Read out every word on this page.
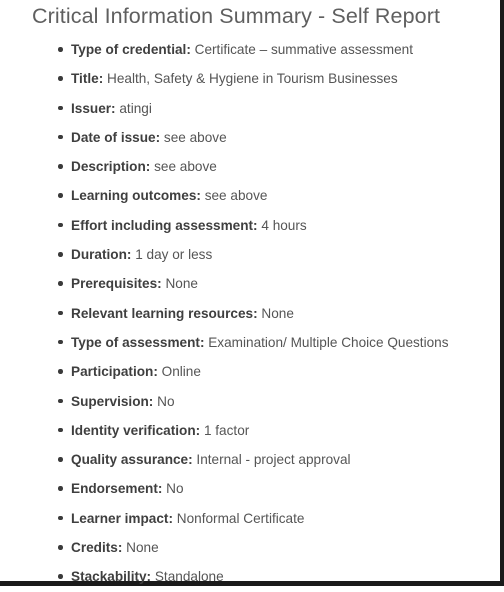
Critical Information Summary - Self Report
Type of credential: Certificate – summative assessment
Title: Health, Safety & Hygiene in Tourism Businesses
Issuer: atingi
Date of issue: see above
Description: see above
Learning outcomes: see above
Effort including assessment: 4 hours
Duration: 1 day or less
Prerequisites: None
Relevant learning resources: None
Type of assessment: Examination/ Multiple Choice Questions
Participation: Online
Supervision: No
Identity verification: 1 factor
Quality assurance: Internal - project approval
Endorsement: No
Learner impact: Nonformal Certificate
Credits: None
Stackability: Standalone
